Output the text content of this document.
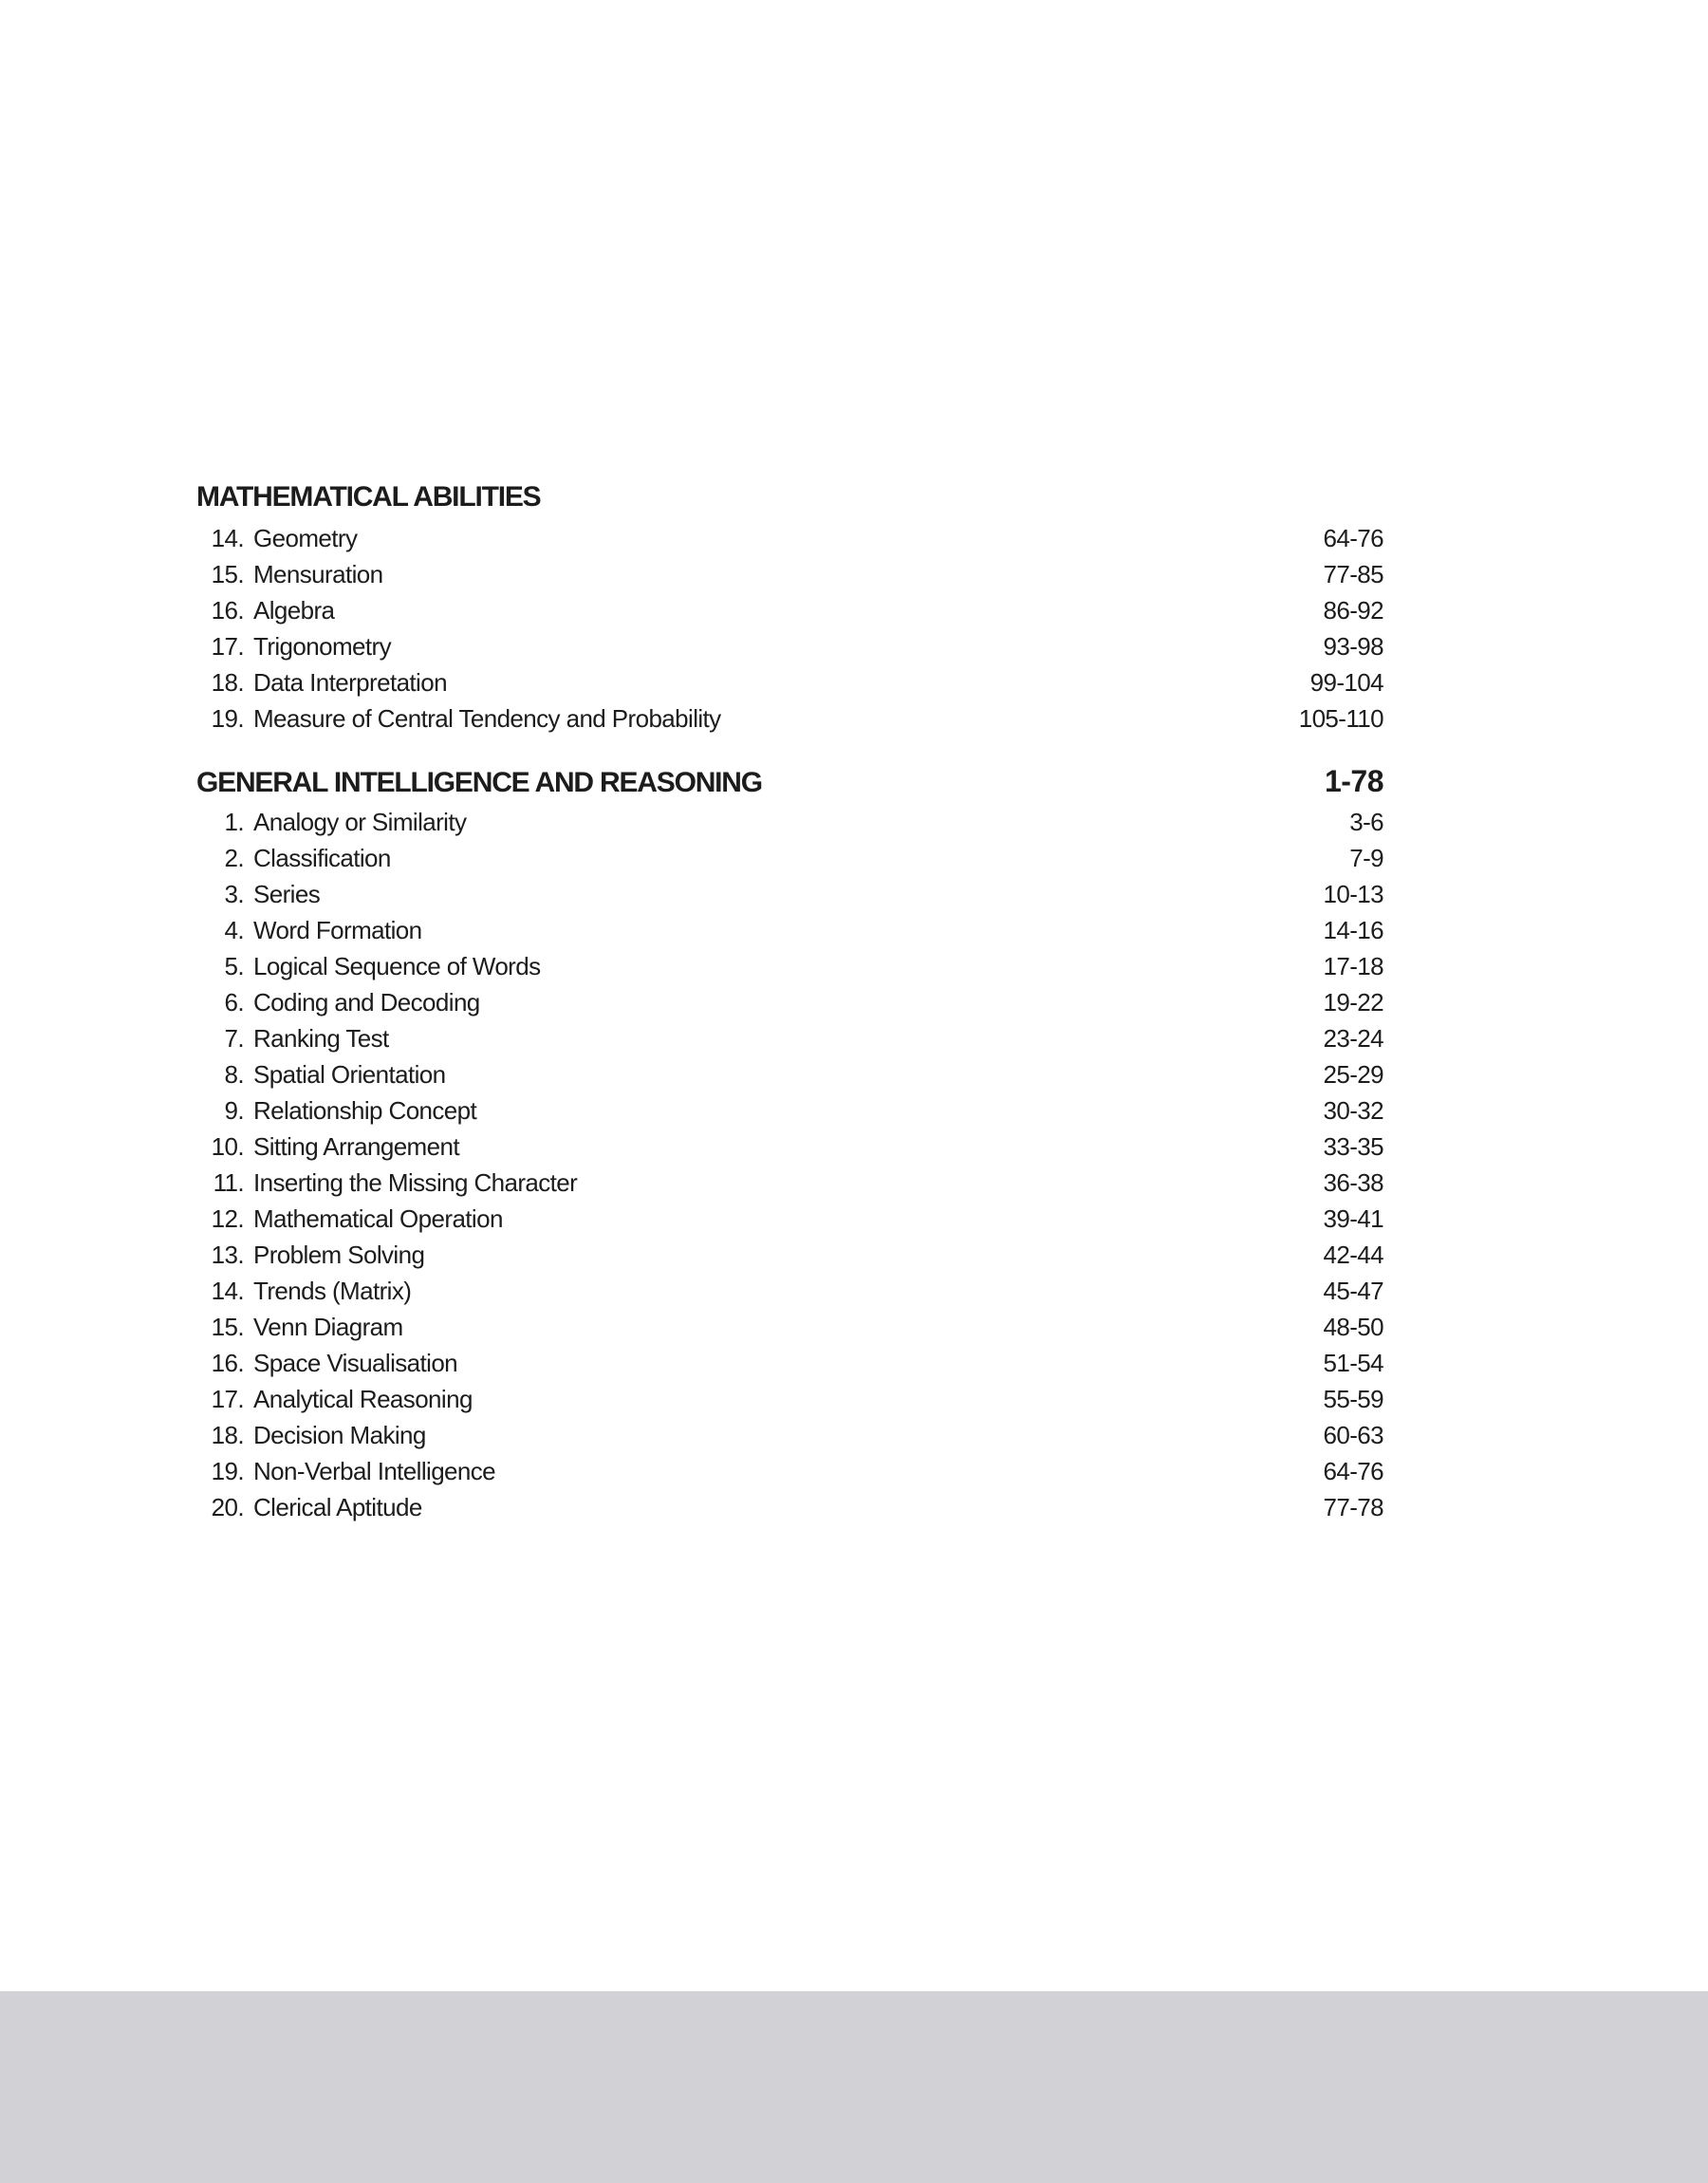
MATHEMATICAL ABILITIES
14. Geometry	64-76
15. Mensuration	77-85
16. Algebra	86-92
17. Trigonometry	93-98
18. Data Interpretation	99-104
19. Measure of Central Tendency and Probability	105-110
GENERAL INTELLIGENCE AND REASONING	1-78
1. Analogy or Similarity	3-6
2. Classification	7-9
3. Series	10-13
4. Word Formation	14-16
5. Logical Sequence of Words	17-18
6. Coding and Decoding	19-22
7. Ranking Test	23-24
8. Spatial Orientation	25-29
9. Relationship Concept	30-32
10. Sitting Arrangement	33-35
11. Inserting the Missing Character	36-38
12. Mathematical Operation	39-41
13. Problem Solving	42-44
14. Trends (Matrix)	45-47
15. Venn Diagram	48-50
16. Space Visualisation	51-54
17. Analytical Reasoning	55-59
18. Decision Making	60-63
19. Non-Verbal Intelligence	64-76
20. Clerical Aptitude	77-78
